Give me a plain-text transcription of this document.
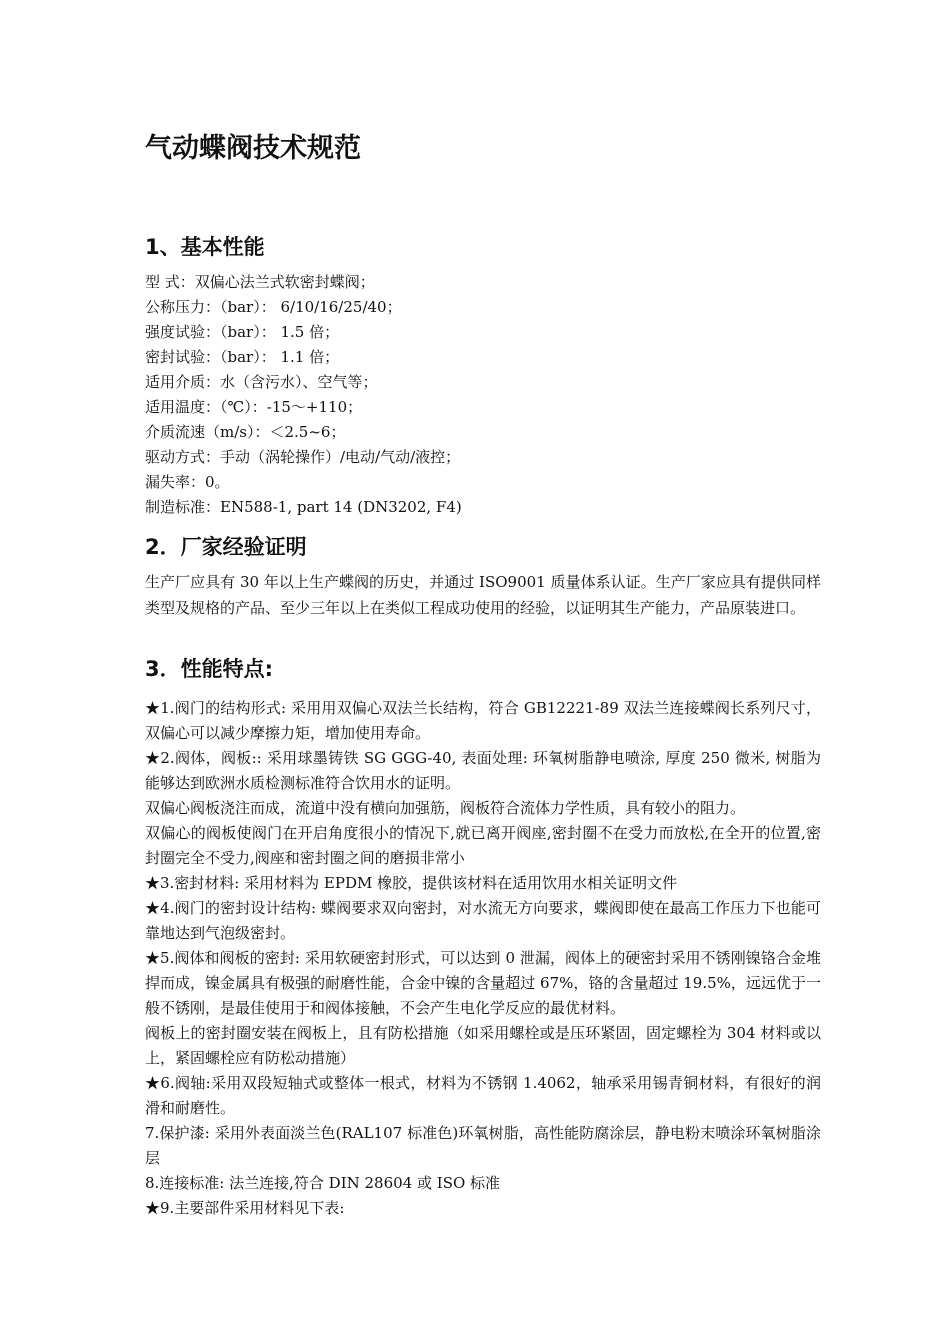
气动蝶阀技术规范
1、基本性能
型 式：双偏心法兰式软密封蝶阀；
公称压力：（bar）： 6/10/16/25/40；
强度试验：（bar）： 1.5 倍；
密封试验：（bar）： 1.1 倍；
适用介质：水（含污水）、空气等；
适用温度：（℃）：-15～+110；
介质流速（m/s）：＜2.5~6；
驱动方式：手动（涡轮操作）/电动/气动/液控；
漏失率：0。
制造标准：EN588-1, part 14 (DN3202, F4)
2．厂家经验证明
生产厂应具有 30 年以上生产蝶阀的历史，并通过 ISO9001 质量体系认证。生产厂家应具有提供同样类型及规格的产品、至少三年以上在类似工程成功使用的经验，以证明其生产能力，产品原装进口。
3．性能特点:
★1.阀门的结构形式: 采用用双偏心双法兰长结构，符合 GB12221-89 双法兰连接蝶阀长系列尺寸，双偏心可以减少摩擦力矩，增加使用寿命。
★2.阀体，阀板:: 采用球墨铸铁 SG GGG-40, 表面处理: 环氧树脂静电喷涂, 厚度 250 微米, 树脂为能够达到欧洲水质检测标准符合饮用水的证明。
双偏心阀板浇注而成，流道中没有横向加强筋，阀板符合流体力学性质，具有较小的阻力。
双偏心的阀板使阀门在开启角度很小的情况下,就已离开阀座,密封圈不在受力而放松,在全开的位置,密封圈完全不受力,阀座和密封圈之间的磨损非常小
★3.密封材料: 采用材料为 EPDM 橡胶，提供该材料在适用饮用水相关证明文件
★4.阀门的密封设计结构: 蝶阀要求双向密封，对水流无方向要求，蝶阀即使在最高工作压力下也能可靠地达到气泡级密封。
★5.阀体和阀板的密封: 采用软硬密封形式，可以达到 0 泄漏，阀体上的硬密封采用不锈刚镍铬合金堆捍而成，镍金属具有极强的耐磨性能，合金中镍的含量超过 67%，铬的含量超过 19.5%，远远优于一般不锈刚，是最佳使用于和阀体接触，不会产生电化学反应的最优材料。
阀板上的密封圈安装在阀板上，且有防松措施（如采用螺栓或是压环紧固，固定螺栓为 304 材料或以上，紧固螺栓应有防松动措施）
★6.阀轴:采用双段短轴式或整体一根式，材料为不锈钢 1.4062，轴承采用锡青铜材料，有很好的润滑和耐磨性。
7.保护漆: 采用外表面淡兰色(RAL107 标准色)环氧树脂，高性能防腐涂层，静电粉末喷涂环氧树脂涂层
8.连接标准: 法兰连接,符合 DIN 28604 或 ISO 标准
★9.主要部件采用材料见下表:
